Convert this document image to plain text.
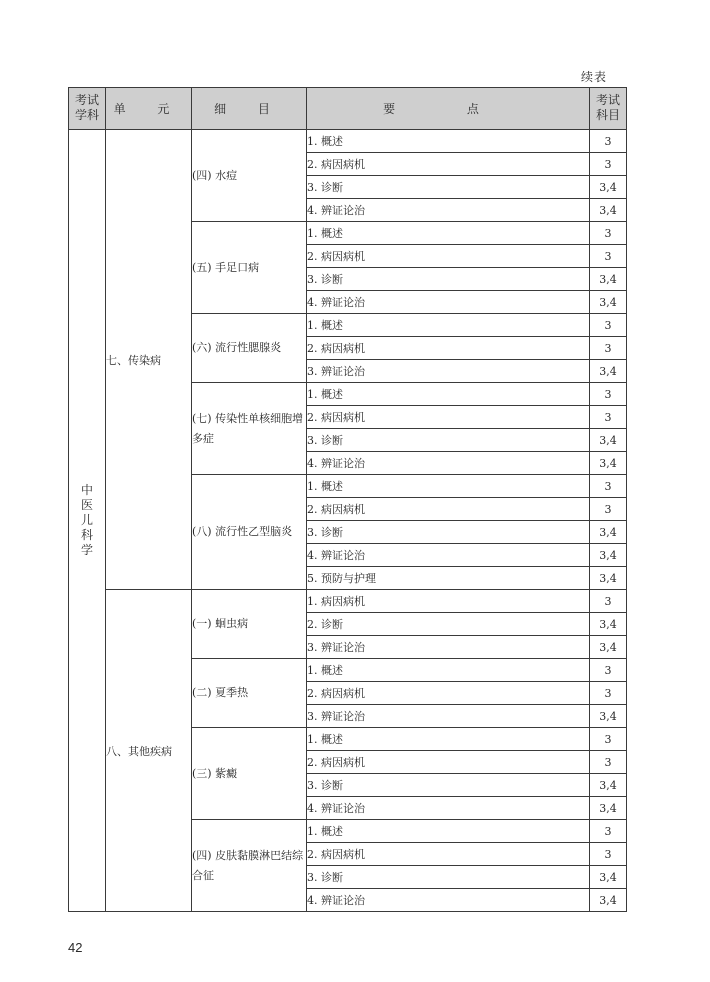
续表
考试学科	单 元	细 目	要 点	考试科目
中医儿科学	七、传染病	(四) 水痘	1. 概述	3
			2. 病因病机	3
			3. 诊断	3,4
			4. 辨证论治	3,4
		(五) 手足口病	1. 概述	3
			2. 病因病机	3
			3. 诊断	3,4
			4. 辨证论治	3,4
		(六) 流行性腮腺炎	1. 概述	3
			2. 病因病机	3
			3. 辨证论治	3,4
		(七) 传染性单核细胞增多症	1. 概述	3
			2. 病因病机	3
			3. 诊断	3,4
			4. 辨证论治	3,4
		(八) 流行性乙型脑炎	1. 概述	3
			2. 病因病机	3
			3. 诊断	3,4
			4. 辨证论治	3,4
			5. 预防与护理	3,4
	八、其他疾病	(一) 蛔虫病	1. 病因病机	3
			2. 诊断	3,4
			3. 辨证论治	3,4
		(二) 夏季热	1. 概述	3
			2. 病因病机	3
			3. 辨证论治	3,4
		(三) 紫癜	1. 概述	3
			2. 病因病机	3
			3. 诊断	3,4
			4. 辨证论治	3,4
		(四) 皮肤黏膜淋巴结综合征	1. 概述	3
			2. 病因病机	3
			3. 诊断	3,4
			4. 辨证论治	3,4
42
